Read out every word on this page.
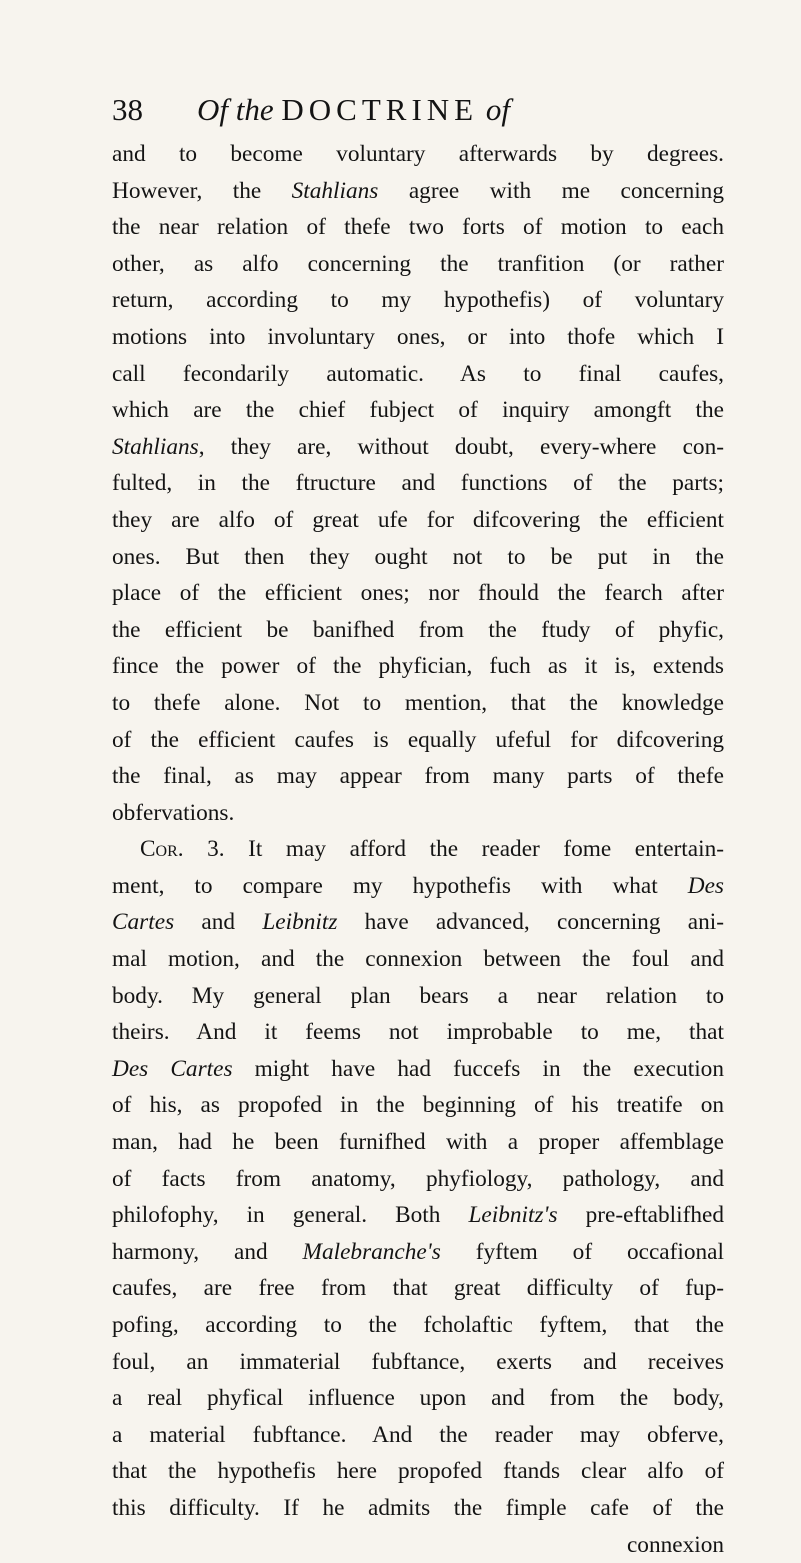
38 Of the DOCTRINE of
and to become voluntary afterwards by degrees.
However, the Stahlians agree with me concerning
the near relation of thefe two forts of motion to each
other, as alfo concerning the tranfition (or rather
return, according to my hypothefis) of voluntary
motions into involuntary ones, or into thofe which I
call fecondarily automatic. As to final caufes,
which are the chief fubject of inquiry amongft the
Stahlians, they are, without doubt, every-where con-
fulted, in the ftructure and functions of the parts;
they are alfo of great ufe for difcovering the efficient
ones. But then they ought not to be put in the
place of the efficient ones; nor fhould the fearch after
the efficient be banifhed from the ftudy of phyfic,
fince the power of the phyfician, fuch as it is, extends
to thefe alone. Not to mention, that the knowledge
of the efficient caufes is equally ufeful for difcovering
the final, as may appear from many parts of thefe
obfervations.
Cor. 3. It may afford the reader fome entertain-
ment, to compare my hypothefis with what Des
Cartes and Leibnitz have advanced, concerning ani-
mal motion, and the connexion between the foul and
body. My general plan bears a near relation to
theirs. And it feems not improbable to me, that
Des Cartes might have had fuccefs in the execution
of his, as propofed in the beginning of his treatife on
man, had he been furnifhed with a proper affemblage
of facts from anatomy, phyfiology, pathology, and
philofophy, in general. Both Leibnitz's pre-eftablifhed
harmony, and Malebranche's fyftem of occafional
caufes, are free from that great difficulty of fup-
pofing, according to the fcholaftic fyftem, that the
foul, an immaterial fubftance, exerts and receives
a real phyfical influence upon and from the body,
a material fubftance. And the reader may obferve,
that the hypothefis here propofed ftands clear alfo of
this difficulty. If he admits the fimple cafe of the
connexion
